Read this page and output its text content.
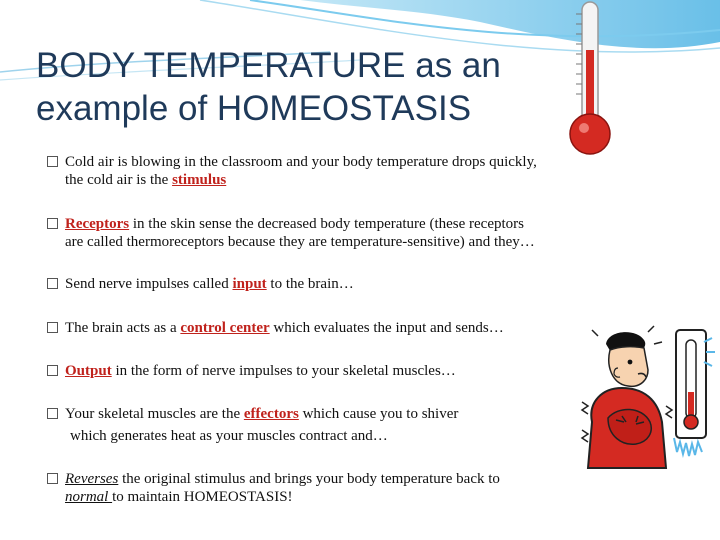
BODY TEMPERATURE as an
example of HOMEOSTASIS
Cold air is blowing in the classroom and your body temperature drops quickly,
the cold air is the stimulus
Receptors in the skin sense the decreased body temperature (these receptors
are called thermoreceptors because they are temperature-sensitive) and they…
Send nerve impulses called input to the brain…
The brain acts as a control center which evaluates the input and sends…
Output in the form of nerve impulses to your skeletal muscles…
Your skeletal muscles are the effectors which cause you to shiver
which generates heat as your muscles contract and…
Reverses the original stimulus and brings your body temperature back to
normal to maintain HOMEOSTASIS!
